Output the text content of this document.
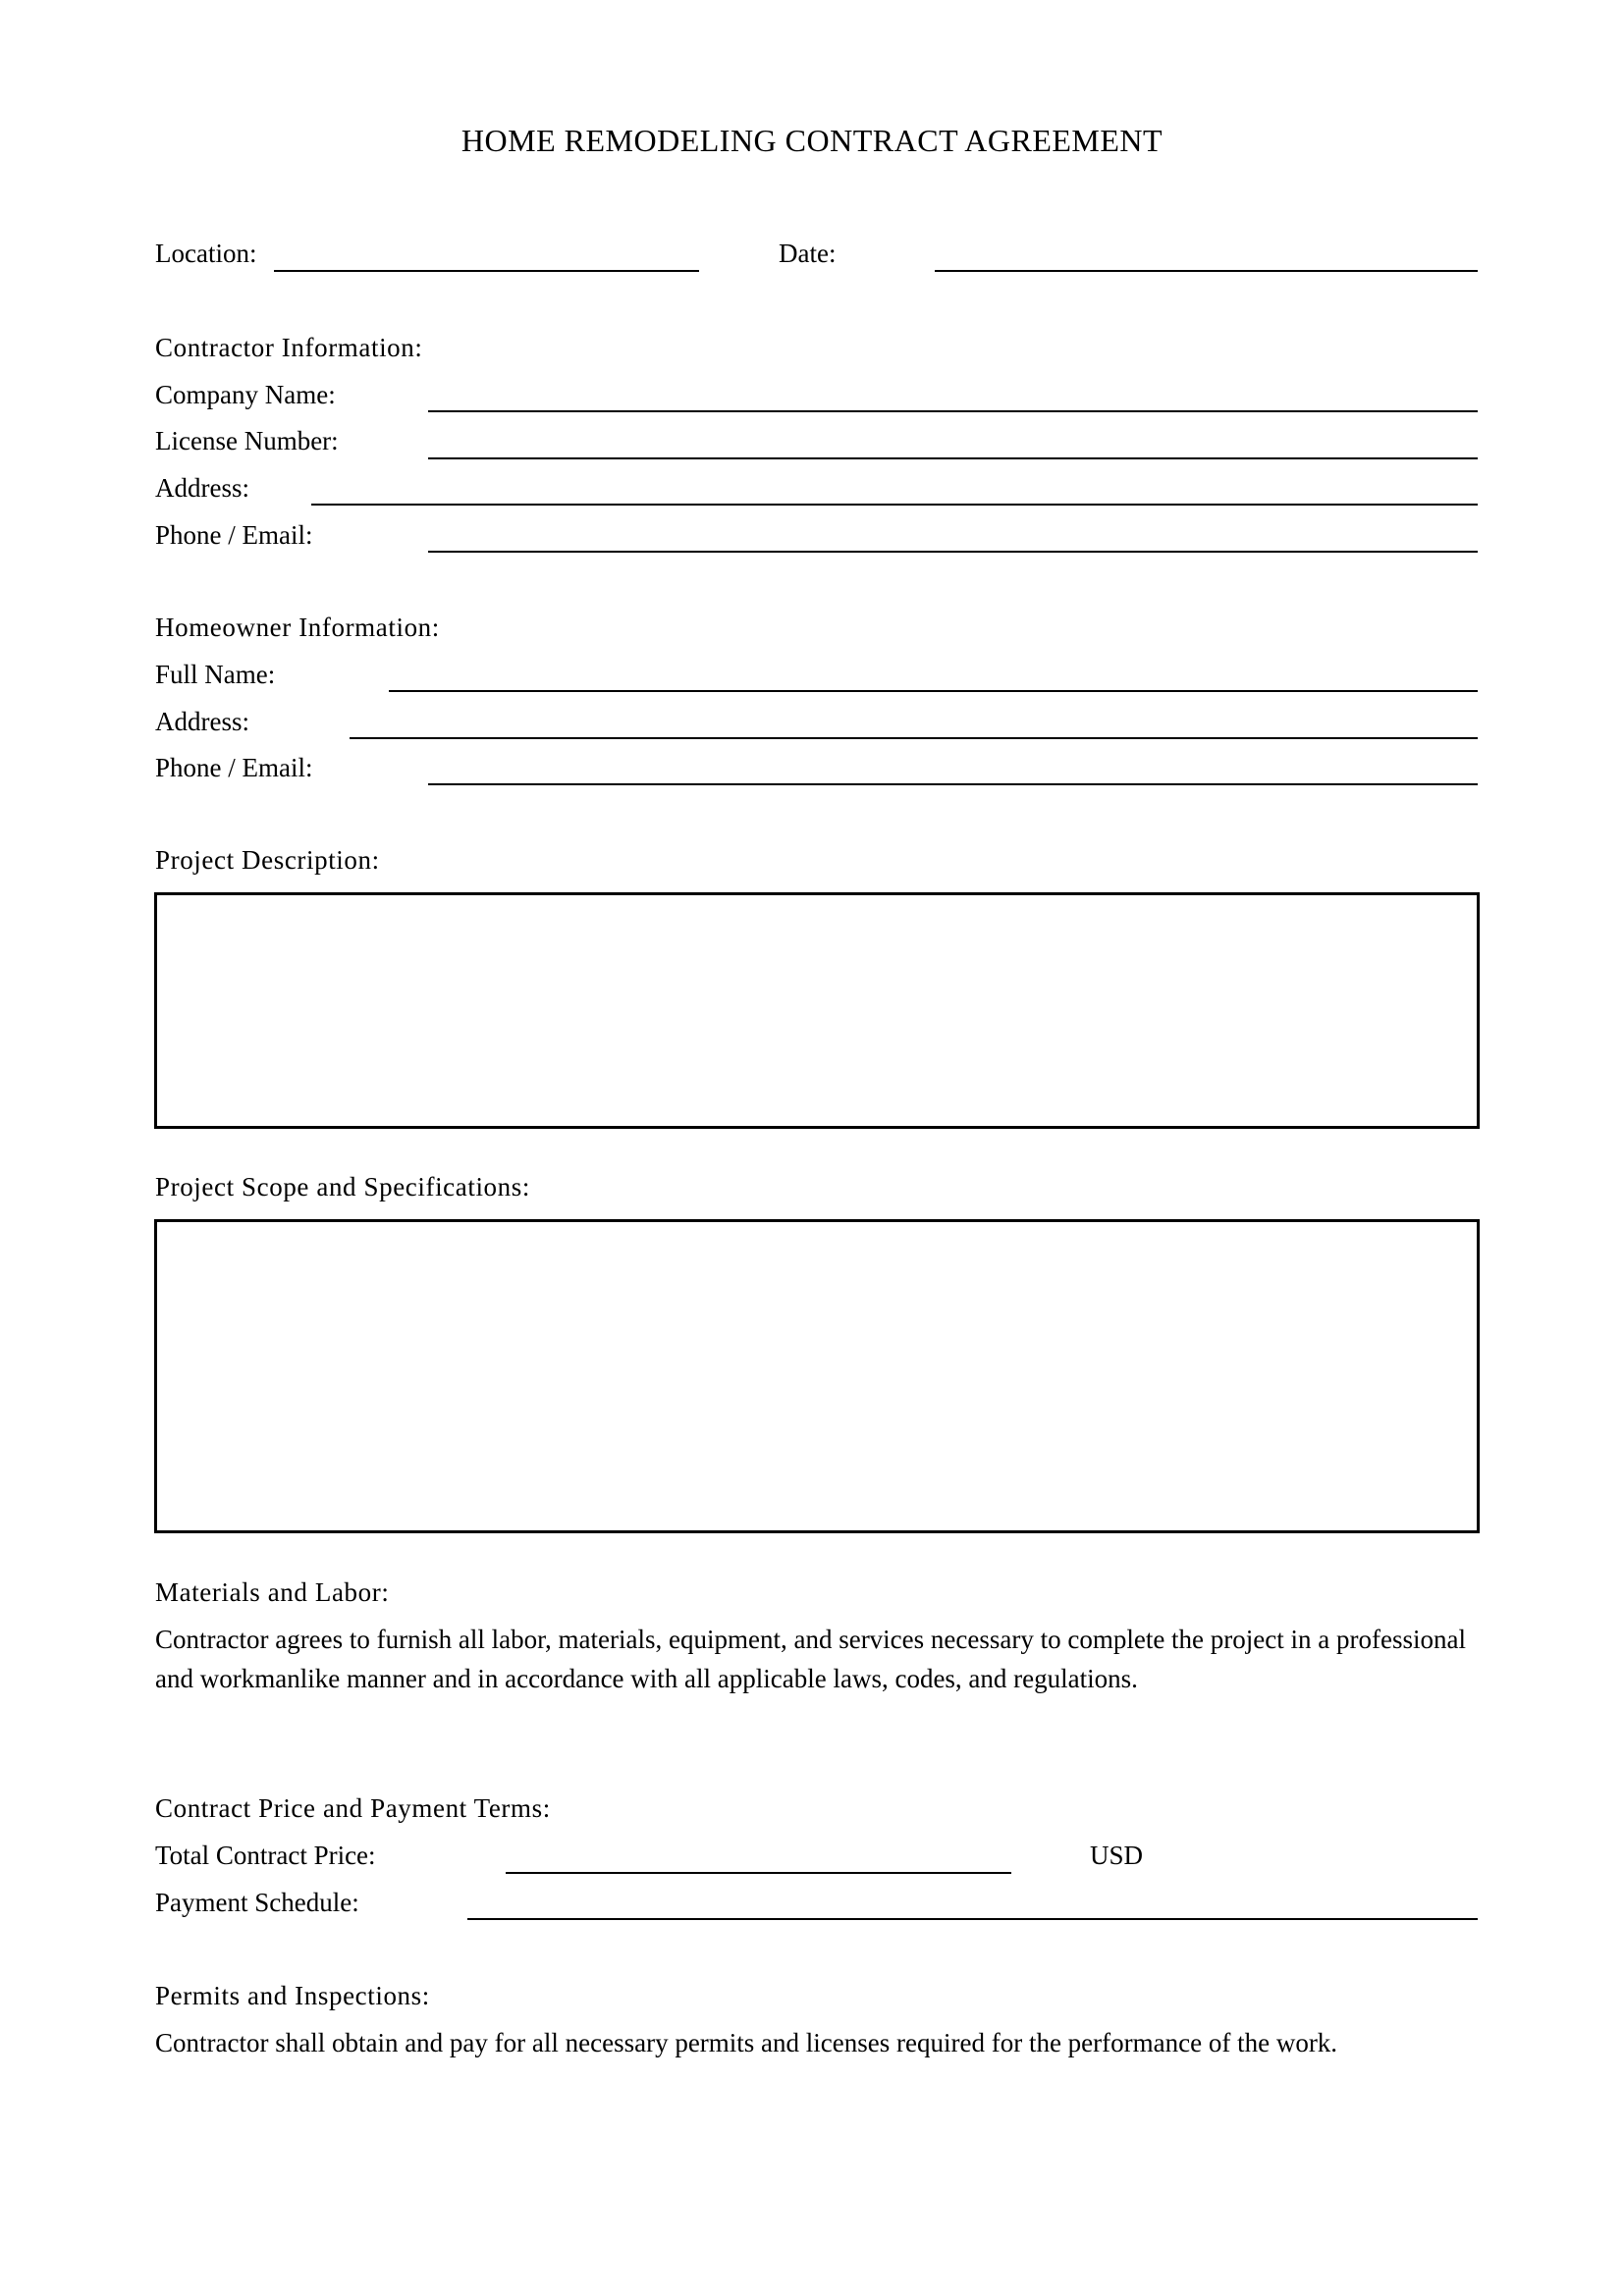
HOME REMODELING CONTRACT AGREEMENT
Location:	Date:
Contractor Information:
Company Name:
License Number:
Address:
Phone / Email:
Homeowner Information:
Full Name:
Address:
Phone / Email:
Project Description:
Project Scope and Specifications:
Materials and Labor:
Contractor agrees to furnish all labor, materials, equipment, and services necessary to complete the project in a professional and workmanlike manner and in accordance with all applicable laws, codes, and regulations.
Contract Price and Payment Terms:
Total Contract Price:	USD
Payment Schedule:
Permits and Inspections:
Contractor shall obtain and pay for all necessary permits and licenses required for the performance of the work.
